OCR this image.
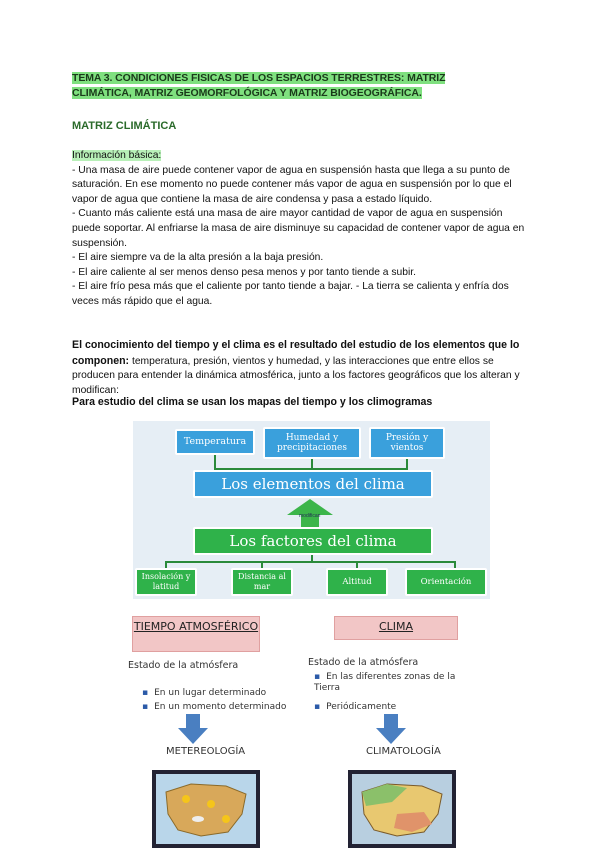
TEMA 3. CONDICIONES FISICAS DE LOS ESPACIOS TERRESTRES: MATRIZ
CLIMÁTICA, MATRIZ GEOMORFOLÓGICA Y MATRIZ BIOGEOGRÁFICA.
MATRIZ CLIMÁTICA

Información básica:

- Una masa de aire puede contener vapor de agua en suspensión hasta que llega a su punto de saturación. En ese momento no puede contener más vapor de agua en suspensión por lo que el vapor de agua que contiene la masa de aire condensa y pasa a estado líquido.

- Cuanto más caliente está una masa de aire mayor cantidad de vapor de agua en suspensión puede soportar. Al enfriarse la masa de aire disminuye su capacidad de contener vapor de agua en suspensión.

- El aire siempre va de la alta presión a la baja presión.

- El aire caliente al ser menos denso pesa menos y por tanto tiende a subir.

- El aire frío pesa más que el caliente por tanto tiende a bajar. - La tierra se calienta y enfría dos veces más rápido que el agua.

El conocimiento del tiempo y el clima es el resultado del estudio de los elementos que lo componen: temperatura, presión, vientos y humedad, y las interacciones que entre ellos se producen para entender la dinámica atmosférica, junto a los factores geográficos que los alteran y modifican:
Para estudio del clima se usan los mapas del tiempo y los climogramas
Temperatura	Humedad y precipitaciones
Presión y vientos
Los elementos del clima
modifican
Los factores del clima
Insolación y latitud
Distancia al mar	Altitud	Orientación
TIEMPO ATMOSFÉRICO	CLIMA
Estado de la atmósfera
▪ En un lugar determinado
▪ En un momento determinado
Estado de la atmósfera
▪ En las diferentes zonas de la Tierra
▪ Periódicamente
METEREOLOGÍA	CLIMATOLOGÍA
